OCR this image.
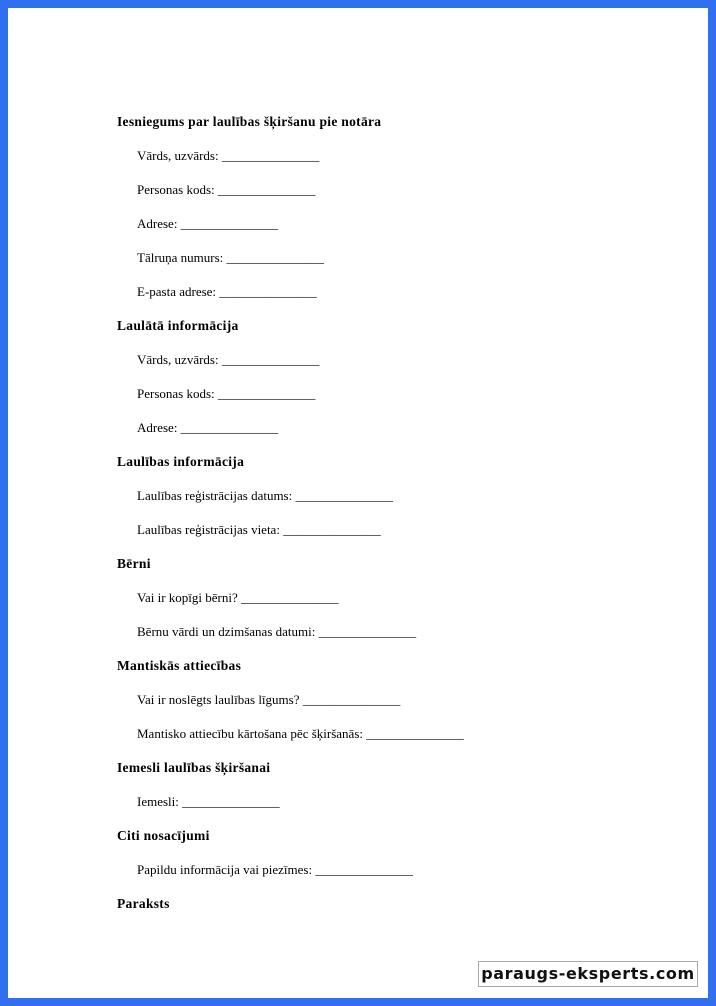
Iesniegums par laulības šķiršanu pie notāra
Vārds, uzvārds: _______________
Personas kods: _______________
Adrese: _______________
Tālruņa numurs: _______________
E-pasta adrese: _______________
Laulātā informācija
Vārds, uzvārds: _______________
Personas kods: _______________
Adrese: _______________
Laulības informācija
Laulības reģistrācijas datums: _______________
Laulības reģistrācijas vieta: _______________
Bērni
Vai ir kopīgi bērni? _______________
Bērnu vārdi un dzimšanas datumi: _______________
Mantiskās attiecības
Vai ir noslēgts laulības līgums? _______________
Mantisko attiecību kārtošana pēc šķiršanās: _______________
Iemesli laulības šķiršanai
Iemesli: _______________
Citi nosacījumi
Papildu informācija vai piezīmes: _______________
Paraksts
paraugs-eksperts.com
